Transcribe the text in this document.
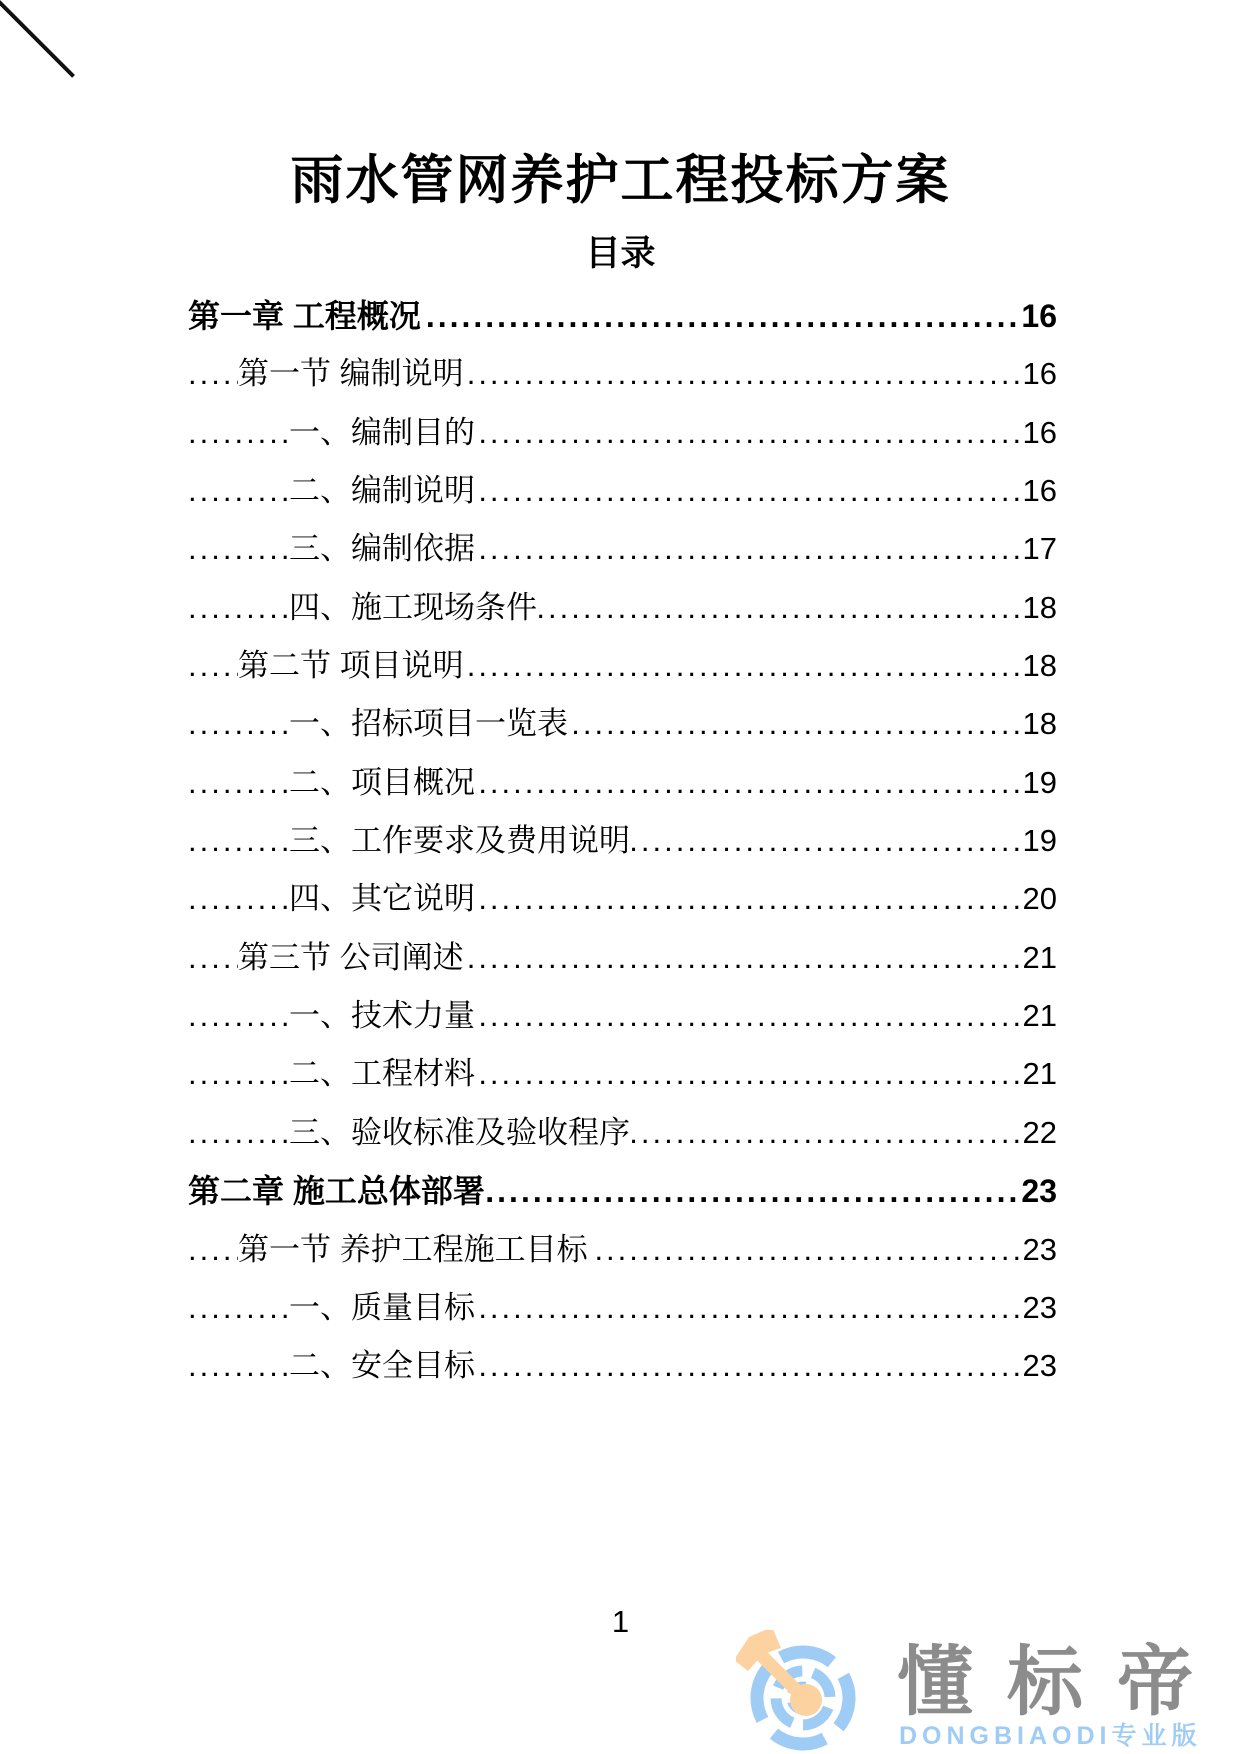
雨水管网养护工程投标方案
目录
.....
第一章 工程概况	16
.....
第一节 编制说明	16
.....
一、编制目的	16
.....
二、编制说明	16
.....
三、编制依据	17
.....
四、施工现场条件	18
.....
第二节 项目说明	18
.....
一、招标项目一览表	18
.....
二、项目概况	19
.....
三、工作要求及费用说明	19
.....
四、其它说明	20
.....
第三节 公司阐述	21
.....
一、技术力量	21
.....
二、工程材料	21
.....
三、验收标准及验收程序	22
.....
第二章 施工总体部署	23
.....
第一节 养护工程施工目标	23
.....
一、质量目标	23
.....
二、安全目标	23
1
懂标帝
DONGBIAODI专业版
